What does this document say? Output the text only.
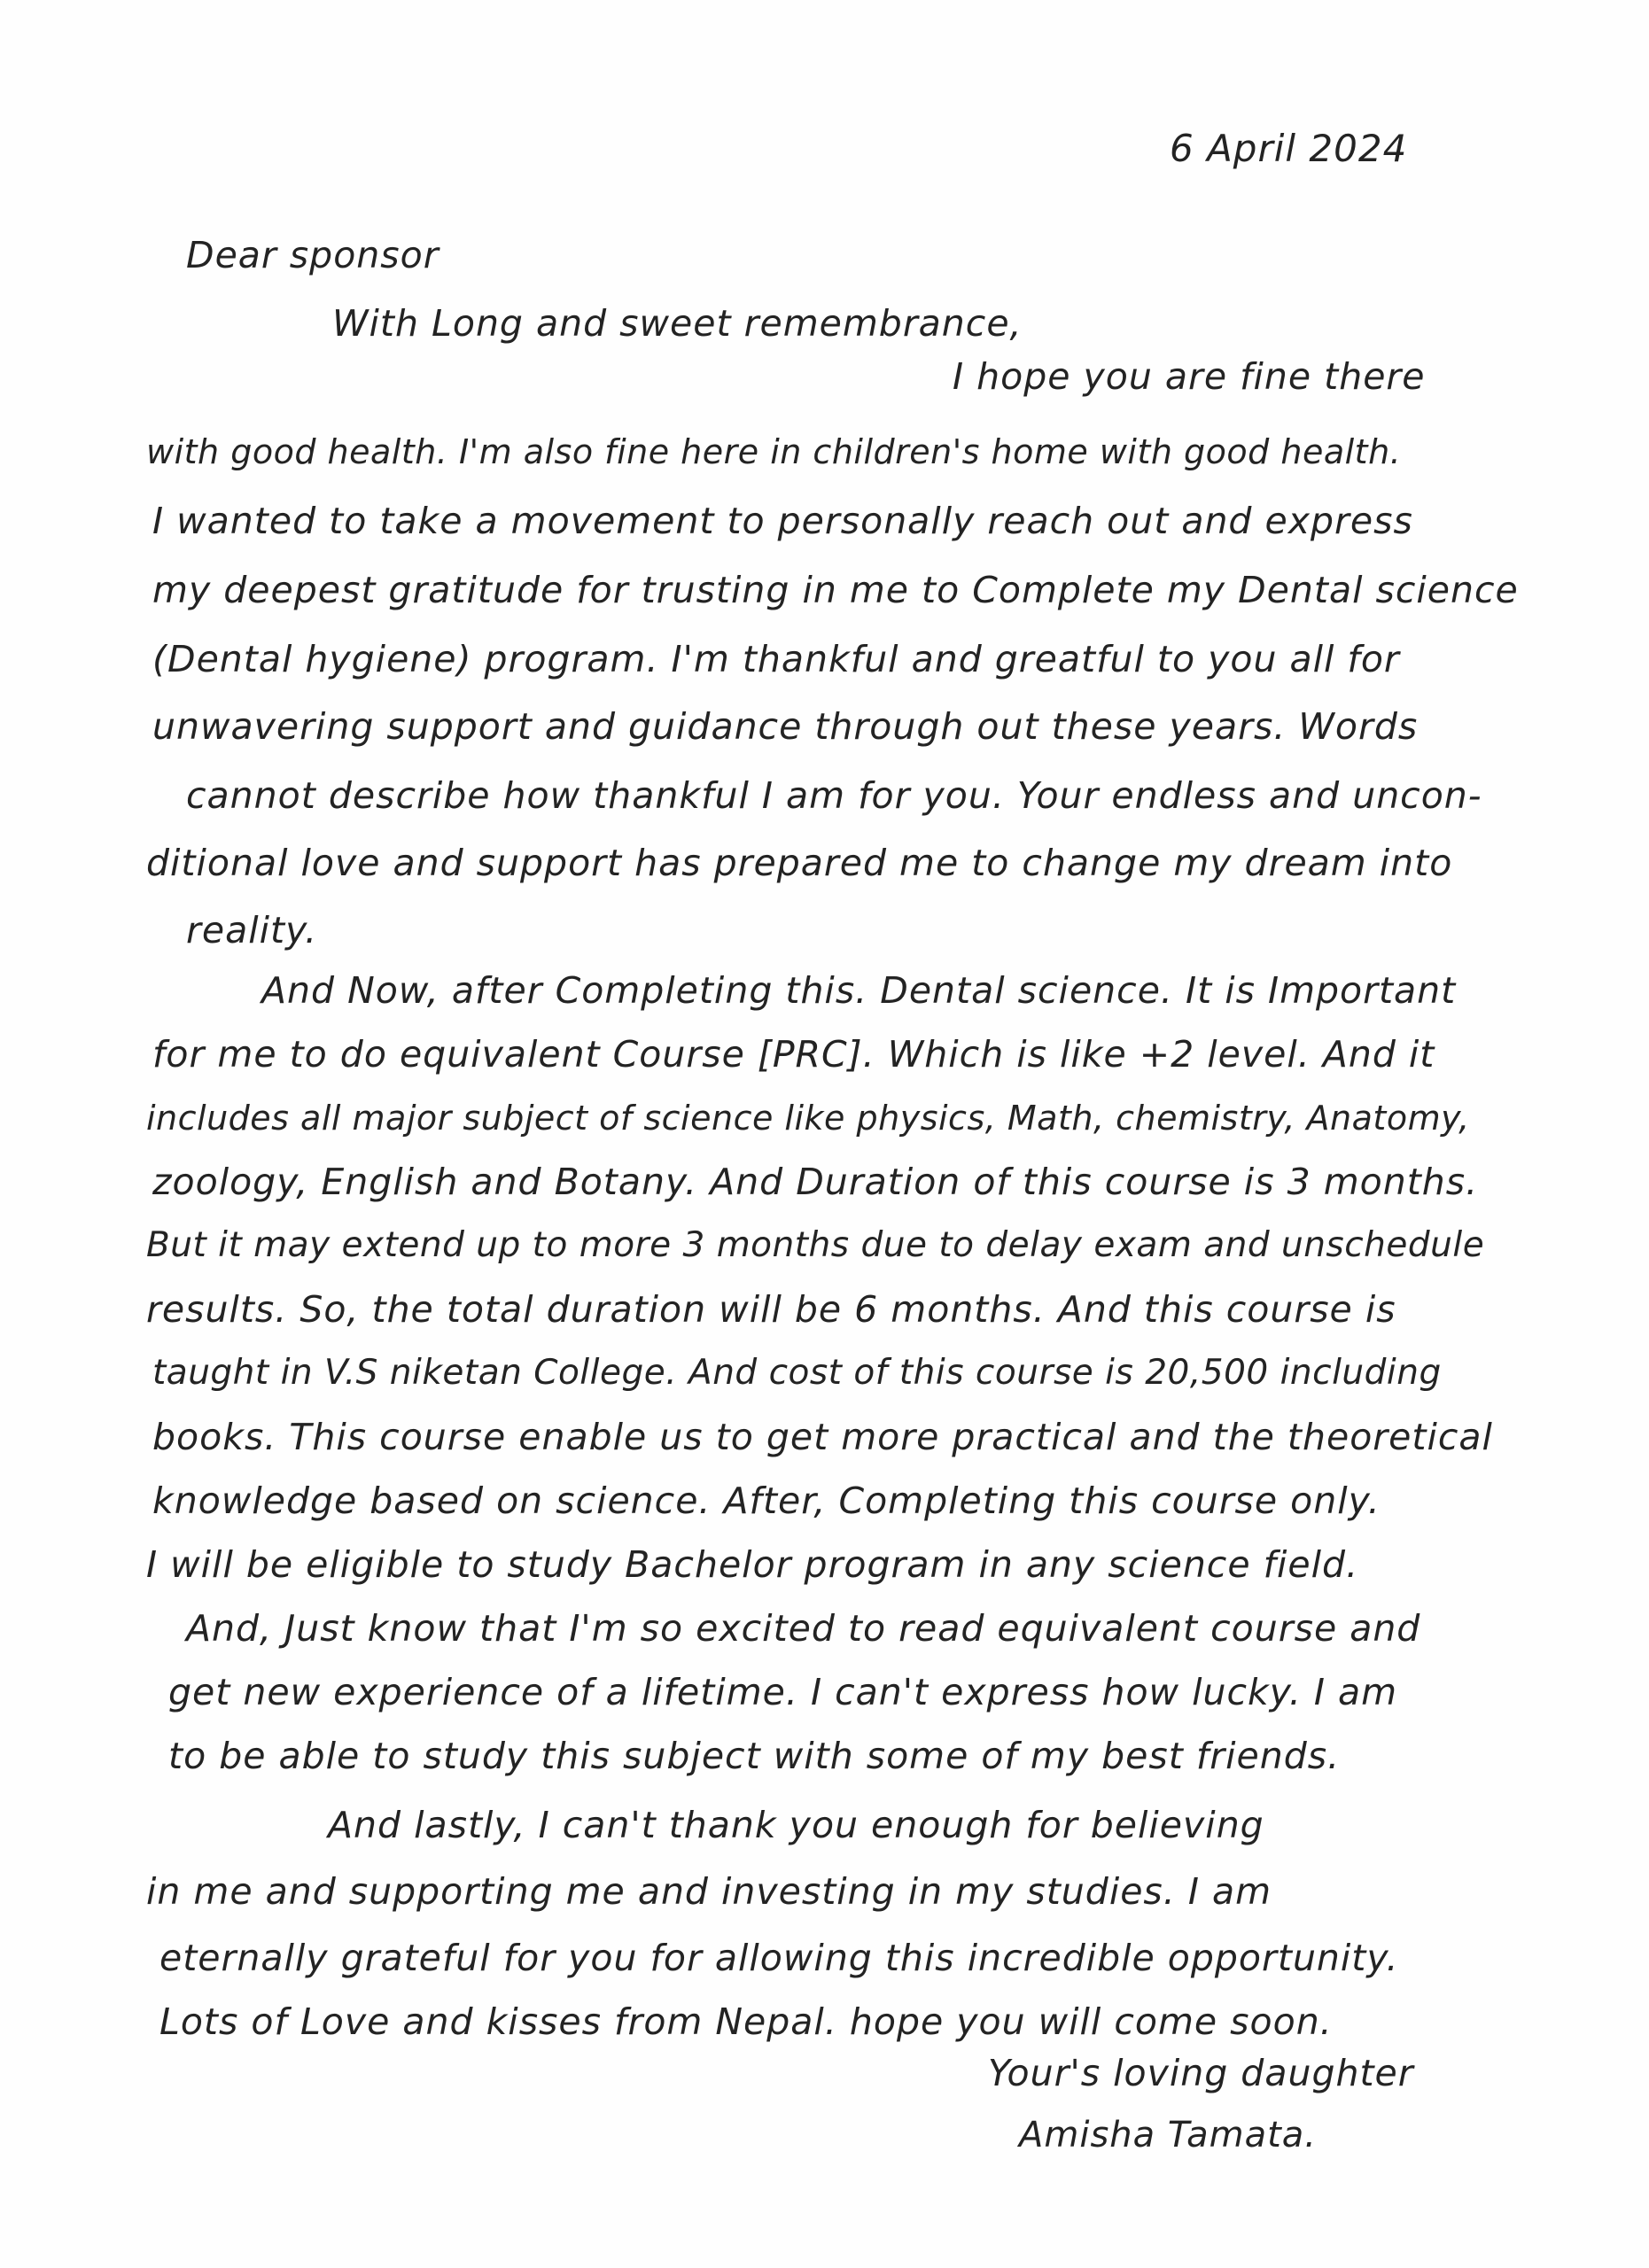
6 April 2024
Dear sponsor
With Long and sweet remembrance,
I hope you are fine there
with good health. I'm also fine here in children's home with good health.
I wanted to take a movement to personally reach out and express
my deepest gratitude for trusting in me to Complete my Dental science
(Dental hygiene) program. I'm thankful and greatful to you all for
unwavering support and guidance through out these years. Words
cannot describe how thankful I am for you. Your endless and uncon-
ditional love and support has prepared me to change my dream into
reality.
And Now, after Completing this. Dental science. It is Important
for me to do equivalent Course [PRC]. Which is like +2 level. And it
includes all major subject of science like physics, Math, chemistry, Anatomy,
zoology, English and Botany. And Duration of this course is 3 months.
But it may extend up to more 3 months due to delay exam and unschedule
results. So, the total duration will be 6 months. And this course is
taught in V.S niketan College. And cost of this course is 20,500 including
books. This course enable us to get more practical and the theoretical
knowledge based on science. After, Completing this course only.
I will be eligible to study Bachelor program in any science field.
And, Just know that I'm so excited to read equivalent course and
get new experience of a lifetime. I can't express how lucky. I am
to be able to study this subject with some of my best friends.
And lastly, I can't thank you enough for believing
in me and supporting me and investing in my studies. I am
eternally grateful for you for allowing this incredible opportunity.
Lots of Love and kisses from Nepal. hope you will come soon.
Your's loving daughter
Amisha Tamata.
